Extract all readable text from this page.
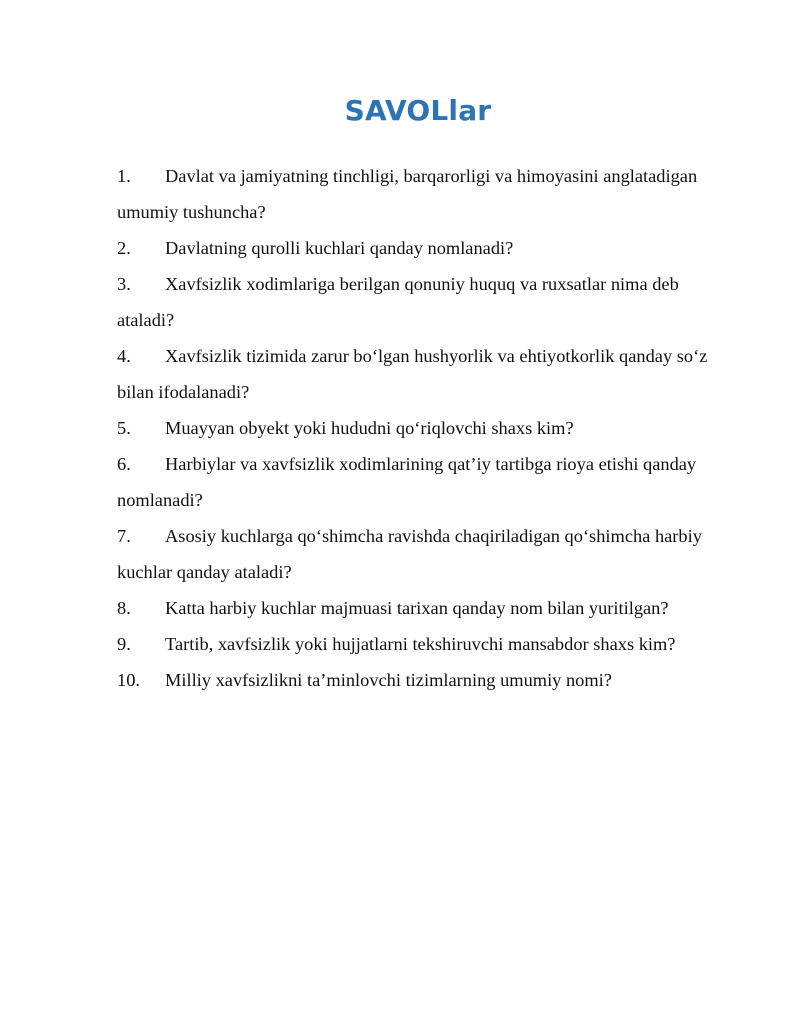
SAVOLlar

1. Davlat va jamiyatning tinchligi, barqarorligi va himoyasini anglatadigan umumiy tushuncha?

2. Davlatning qurolli kuchlari qanday nomlanadi?

3. Xavfsizlik xodimlariga berilgan qonuniy huquq va ruxsatlar nima deb ataladi?

4. Xavfsizlik tizimida zarur bo‘lgan hushyorlik va ehtiyotkorlik qanday so‘z bilan ifodalanadi?

5. Muayyan obyekt yoki hududni qo‘riqlovchi shaxs kim?

6. Harbiylar va xavfsizlik xodimlarining qat’iy tartibga rioya etishi qanday nomlanadi?

7. Asosiy kuchlarga qo‘shimcha ravishda chaqiriladigan qo‘shimcha harbiy kuchlar qanday ataladi?

8. Katta harbiy kuchlar majmuasi tarixan qanday nom bilan yuritilgan?

9. Tartib, xavfsizlik yoki hujjatlarni tekshiruvchi mansabdor shaxs kim?

10. Milliy xavfsizlikni ta’minlovchi tizimlarning umumiy nomi?
